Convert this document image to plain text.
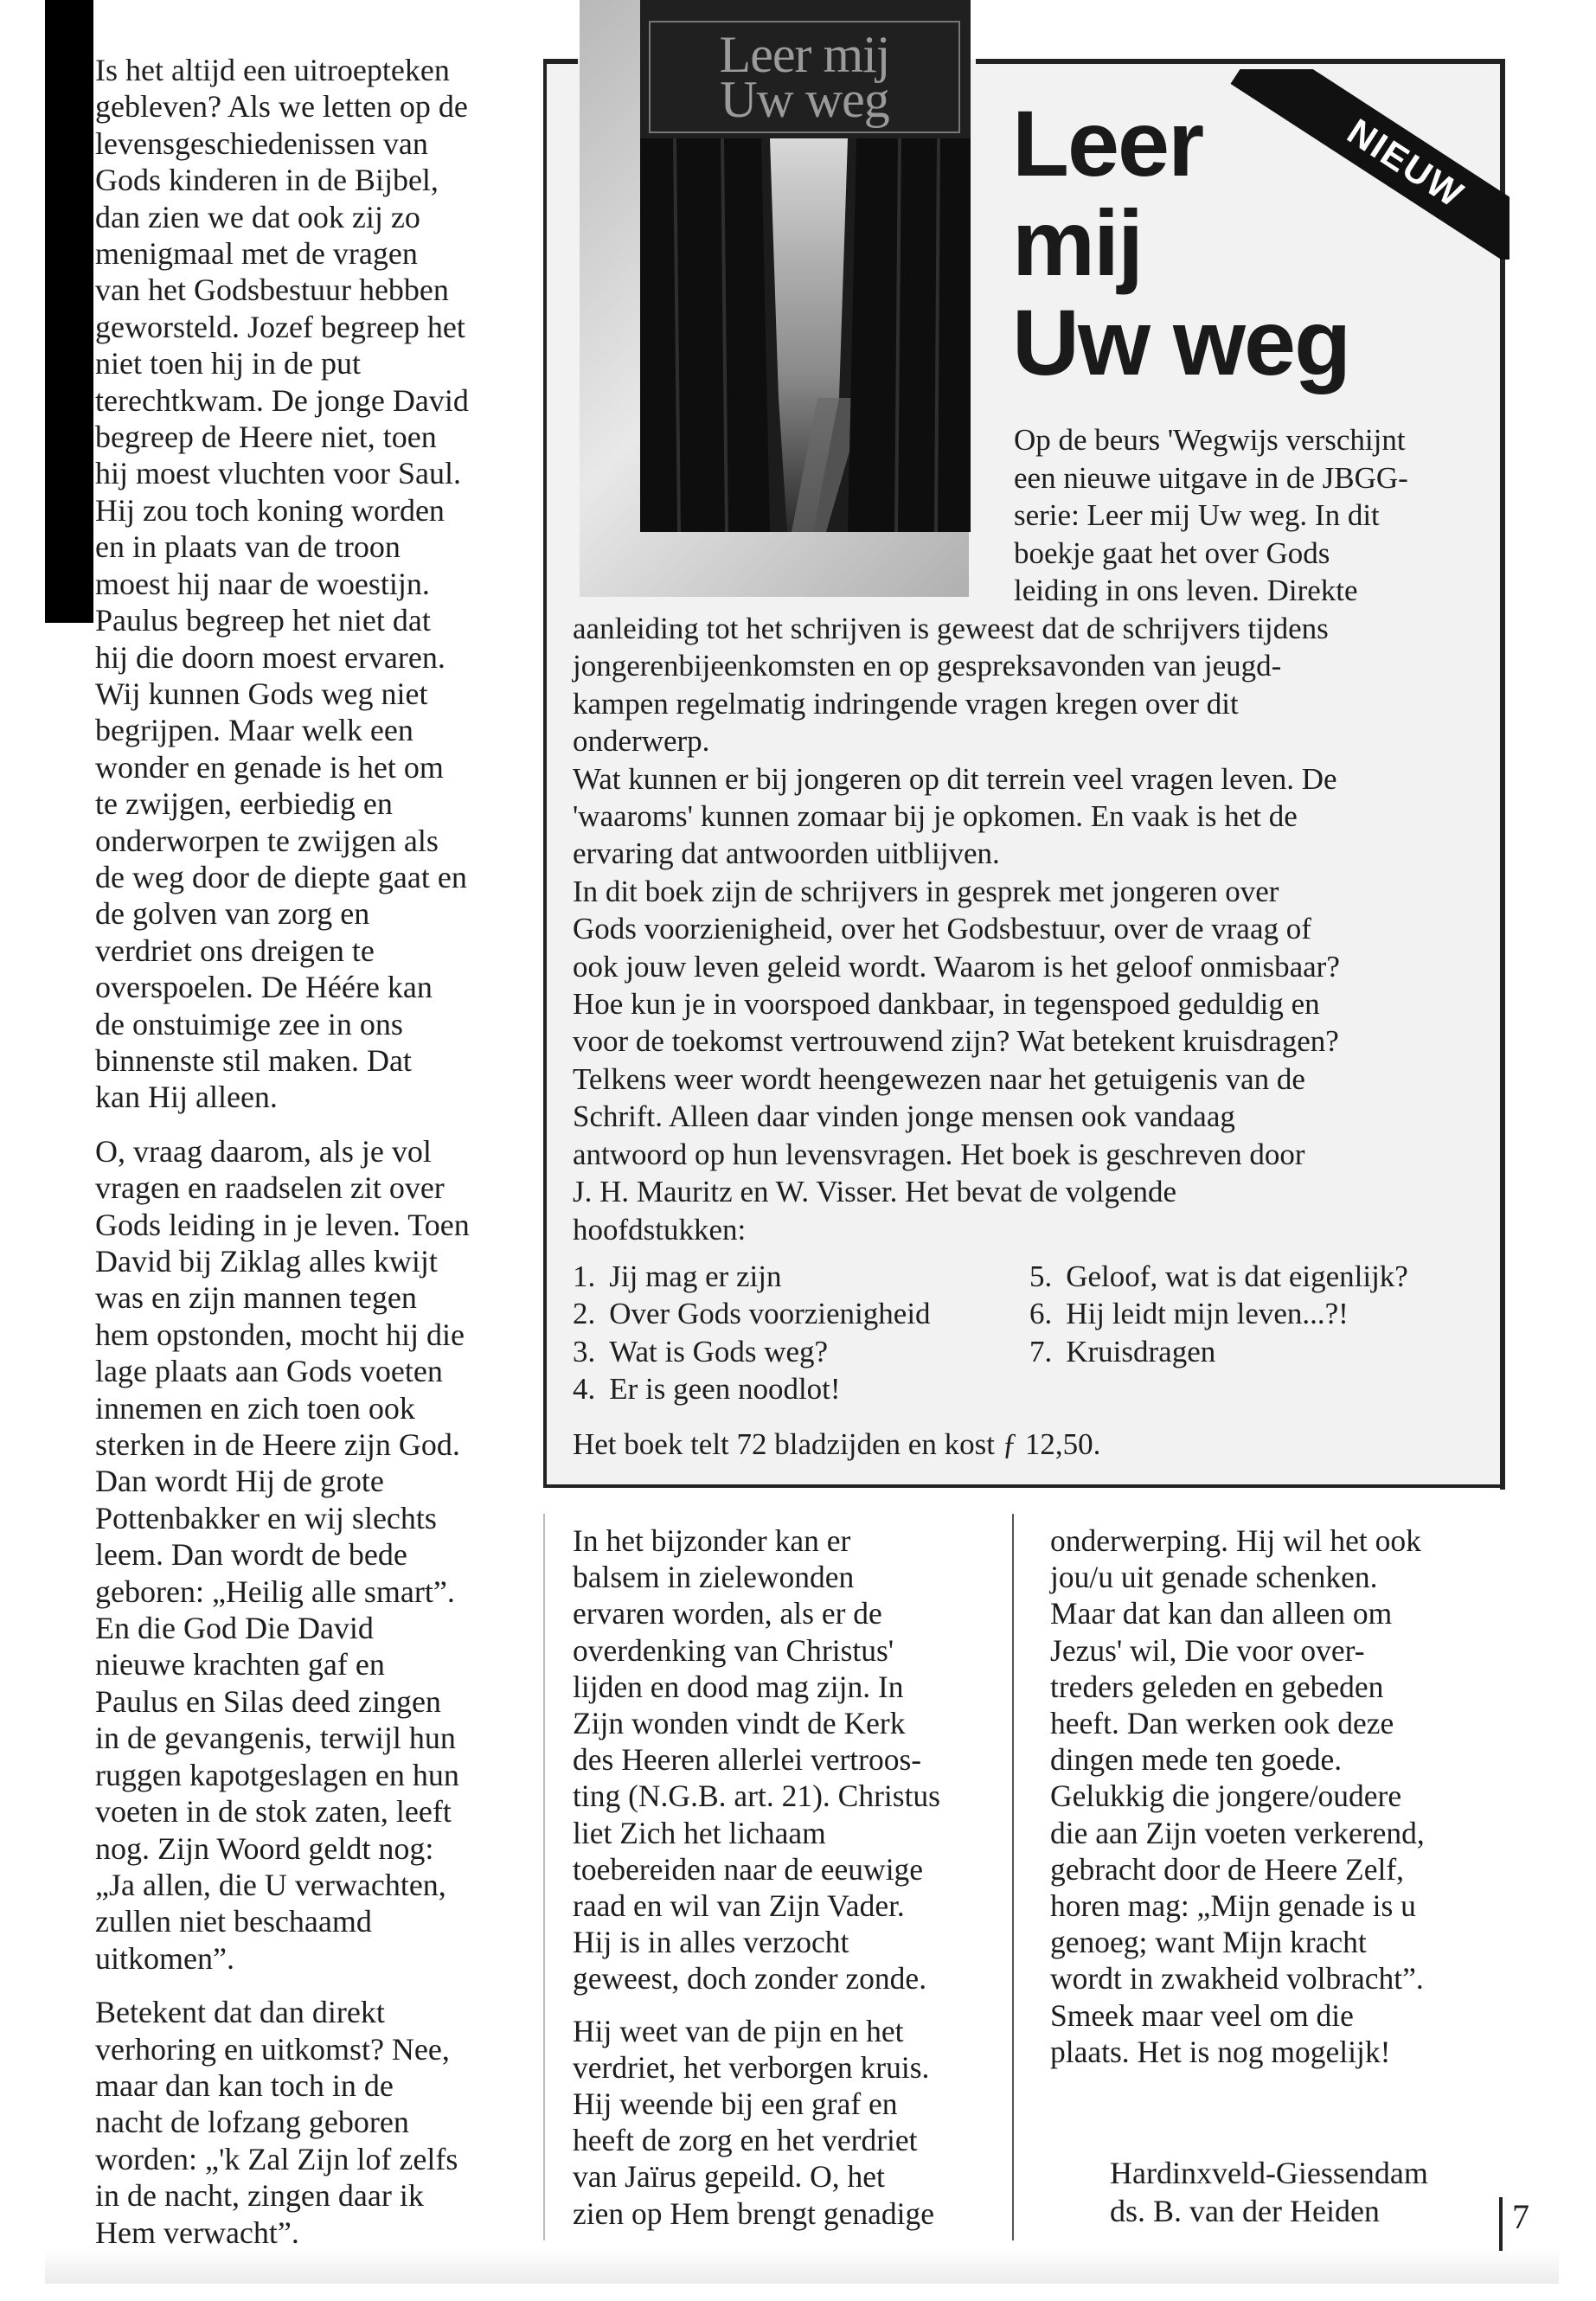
Is het altijd een uitroepteken
gebleven? Als we letten op de
levensgeschiedenissen van
Gods kinderen in de Bijbel,
dan zien we dat ook zij zo
menigmaal met de vragen
van het Godsbestuur hebben
geworsteld. Jozef begreep het
niet toen hij in de put
terechtkwam. De jonge David
begreep de Heere niet, toen
hij moest vluchten voor Saul.
Hij zou toch koning worden
en in plaats van de troon
moest hij naar de woestijn.
Paulus begreep het niet dat
hij die doorn moest ervaren.
Wij kunnen Gods weg niet
begrijpen. Maar welk een
wonder en genade is het om
te zwijgen, eerbiedig en
onderworpen te zwijgen als
de weg door de diepte gaat en
de golven van zorg en
verdriet ons dreigen te
overspoelen. De Héére kan
de onstuimige zee in ons
binnenste stil maken. Dat
kan Hij alleen.
O, vraag daarom, als je vol
vragen en raadselen zit over
Gods leiding in je leven. Toen
David bij Ziklag alles kwijt
was en zijn mannen tegen
hem opstonden, mocht hij die
lage plaats aan Gods voeten
innemen en zich toen ook
sterken in de Heere zijn God.
Dan wordt Hij de grote
Pottenbakker en wij slechts
leem. Dan wordt de bede
geboren: „Heilig alle smart”.
En die God Die David
nieuwe krachten gaf en
Paulus en Silas deed zingen
in de gevangenis, terwijl hun
ruggen kapotgeslagen en hun
voeten in de stok zaten, leeft
nog. Zijn Woord geldt nog:
„Ja allen, die U verwachten,
zullen niet beschaamd
uitkomen”.
Betekent dat dan direkt
verhoring en uitkomst? Nee,
maar dan kan toch in de
nacht de lofzang geboren
worden: „'k Zal Zijn lof zelfs
in de nacht, zingen daar ik
Hem verwacht”.
Leer mij
Uw weg Leer
mij
Uw weg
NIEUW
Op de beurs 'Wegwijs verschijnt
een nieuwe uitgave in de JBGG-
serie: Leer mij Uw weg. In dit
boekje gaat het over Gods
leiding in ons leven. Direkte
aanleiding tot het schrijven is geweest dat de schrijvers tijdens
jongerenbijeenkomsten en op gespreksavonden van jeugd-
kampen regelmatig indringende vragen kregen over dit
onderwerp.
Wat kunnen er bij jongeren op dit terrein veel vragen leven. De
'waaroms' kunnen zomaar bij je opkomen. En vaak is het de
ervaring dat antwoorden uitblijven.
In dit boek zijn de schrijvers in gesprek met jongeren over
Gods voorzienigheid, over het Godsbestuur, over de vraag of
ook jouw leven geleid wordt. Waarom is het geloof onmisbaar?
Hoe kun je in voorspoed dankbaar, in tegenspoed geduldig en
voor de toekomst vertrouwend zijn? Wat betekent kruisdragen?
Telkens weer wordt heengewezen naar het getuigenis van de
Schrift. Alleen daar vinden jonge mensen ook vandaag
antwoord op hun levensvragen. Het boek is geschreven door
J. H. Mauritz en W. Visser. Het bevat de volgende
hoofdstukken:
1. Jij mag er zijn
2. Over Gods voorzienigheid
3. Wat is Gods weg?
4. Er is geen noodlot!
5. Geloof, wat is dat eigenlijk?
6. Hij leidt mijn leven...?!
7. Kruisdragen
Het boek telt 72 bladzijden en kost ƒ 12,50.
In het bijzonder kan er
balsem in zielewonden
ervaren worden, als er de
overdenking van Christus'
lijden en dood mag zijn. In
Zijn wonden vindt de Kerk
des Heeren allerlei vertroos-
ting (N.G.B. art. 21). Christus
liet Zich het lichaam
toebereiden naar de eeuwige
raad en wil van Zijn Vader.
Hij is in alles verzocht
geweest, doch zonder zonde.
Hij weet van de pijn en het
verdriet, het verborgen kruis.
Hij weende bij een graf en
heeft de zorg en het verdriet
van Jaïrus gepeild. O, het
zien op Hem brengt genadige
onderwerping. Hij wil het ook
jou/u uit genade schenken.
Maar dat kan dan alleen om
Jezus' wil, Die voor over-
treders geleden en gebeden
heeft. Dan werken ook deze
dingen mede ten goede.
Gelukkig die jongere/oudere
die aan Zijn voeten verkerend,
gebracht door de Heere Zelf,
horen mag: „Mijn genade is u
genoeg; want Mijn kracht
wordt in zwakheid volbracht”.
Smeek maar veel om die
plaats. Het is nog mogelijk!
Hardinxveld-Giessendam
ds. B. van der Heiden	7
